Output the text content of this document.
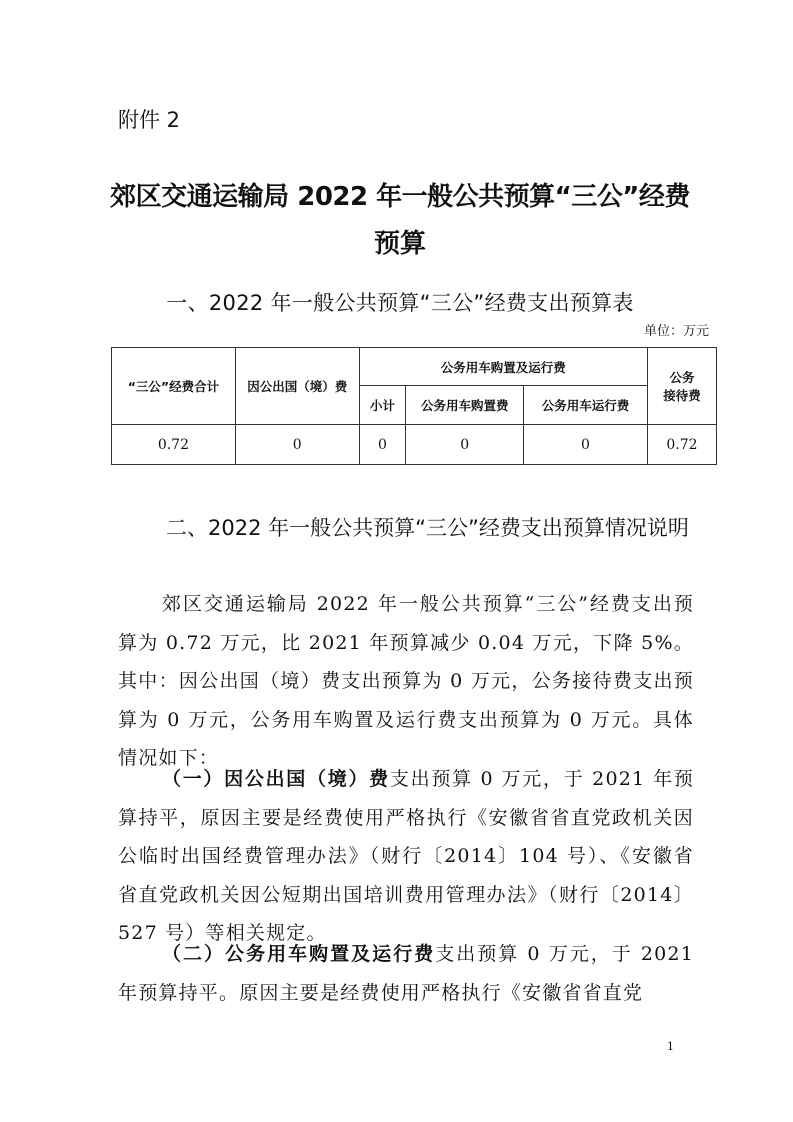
附件 2
郊区交通运输局 2022 年一般公共预算“三公”经费
预算
一、2022 年一般公共预算“三公”经费支出预算表
单位：万元
“三公”经费合计	因公出国（境）费	公务用车购置及运行费			公务
接待费

		小计	公务用车购置费	公务用车运行费	
0.72	0	0	0	0	0.72
二、2022 年一般公共预算“三公”经费支出预算情况说明
郊区交通运输局 2022 年一般公共预算“三公”经费支出预算为 0.72 万元，比 2021 年预算减少 0.04 万元，下降 5%。其中：因公出国（境）费支出预算为 0 万元，公务接待费支出预算为 0 万元，公务用车购置及运行费支出预算为 0 万元。具体情况如下：
（一）因公出国（境）费支出预算 0 万元，于 2021 年预算持平，原因主要是经费使用严格执行《安徽省省直党政机关因公临时出国经费管理办法》（财行〔2014〕104 号）、《安徽省省直党政机关因公短期出国培训费用管理办法》（财行〔2014〕527 号）等相关规定。
（二）公务用车购置及运行费支出预算 0 万元，于 2021 年预算持平。原因主要是经费使用严格执行《安徽省省直党
1
